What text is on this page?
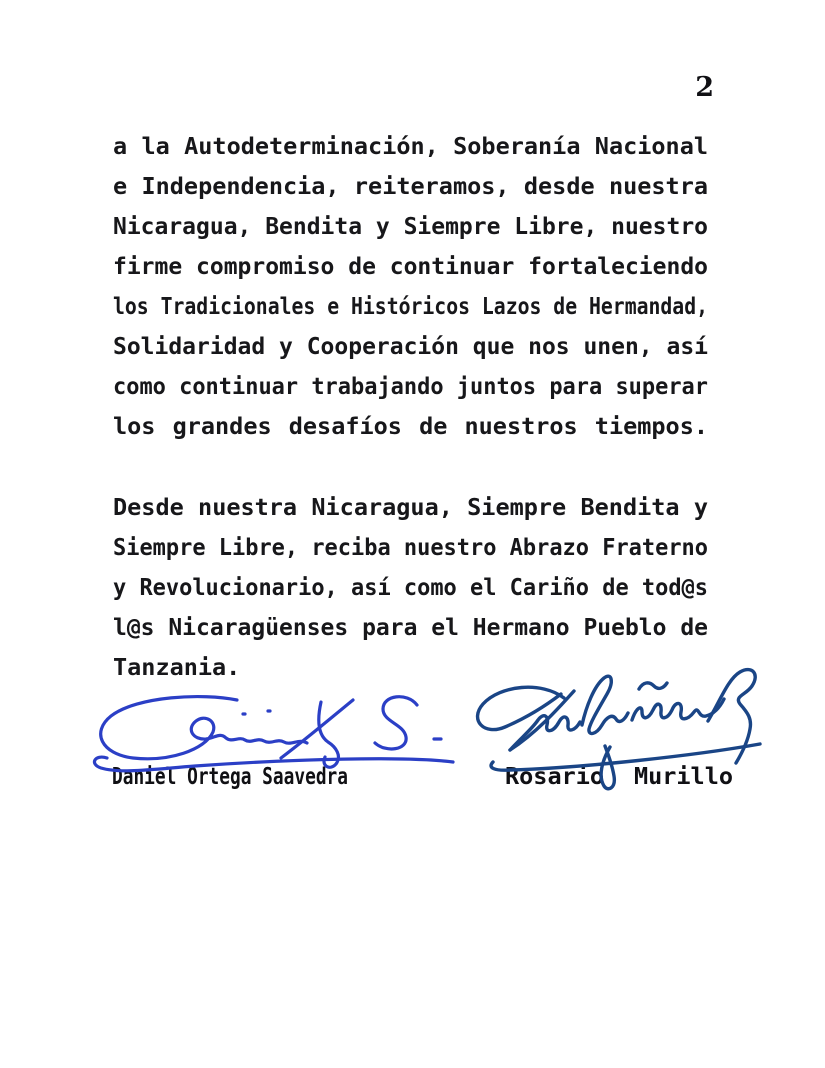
2
a la Autodeterminación, Soberanía Nacional
e Independencia, reiteramos, desde nuestra
Nicaragua, Bendita y Siempre Libre, nuestro
firme compromiso de continuar fortaleciendo
los Tradicionales e Históricos Lazos de Hermandad,
Solidaridad y Cooperación que nos unen, así
como continuar trabajando juntos para superar
los grandes desafíos de nuestros tiempos.
Desde nuestra Nicaragua, Siempre Bendita y
Siempre Libre, reciba nuestro Abrazo Fraterno
y Revolucionario, así como el Cariño de tod@s
l@s Nicaragüenses para el Hermano Pueblo de
Tanzania.
Daniel Ortega Saavedra	Rosario Murillo
